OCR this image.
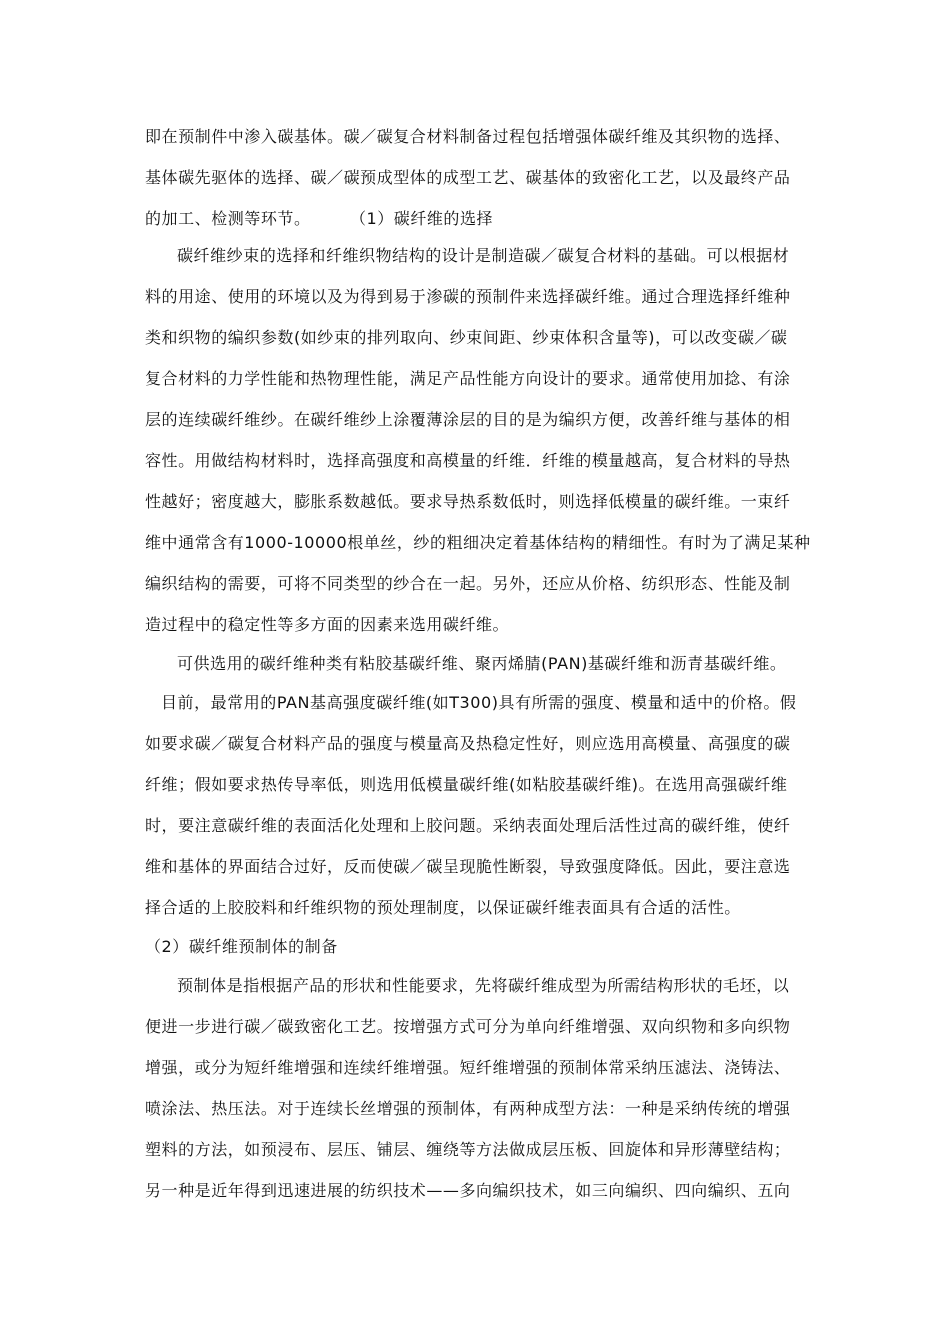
即在预制件中渗入碳基体。碳／碳复合材料制备过程包括增强体碳纤维及其织物的选择、
基体碳先驱体的选择、碳／碳预成型体的成型工艺、碳基体的致密化工艺，以及最终产品
的加工、检测等环节。       （1）碳纤维的选择
碳纤维纱束的选择和纤维织物结构的设计是制造碳／碳复合材料的基础。可以根据材
料的用途、使用的环境以及为得到易于渗碳的预制件来选择碳纤维。通过合理选择纤维种
类和织物的编织参数(如纱束的排列取向、纱束间距、纱束体积含量等)，可以改变碳／碳
复合材料的力学性能和热物理性能，满足产品性能方向设计的要求。通常使用加捻、有涂
层的连续碳纤维纱。在碳纤维纱上涂覆薄涂层的目的是为编织方便，改善纤维与基体的相
容性。用做结构材料时，选择高强度和高模量的纤维．纤维的模量越高，复合材料的导热
性越好；密度越大，膨胀系数越低。要求导热系数低时，则选择低模量的碳纤维。一束纤
维中通常含有1000-10000根单丝，纱的粗细决定着基体结构的精细性。有时为了满足某种
编织结构的需要，可将不同类型的纱合在一起。另外，还应从价格、纺织形态、性能及制
造过程中的稳定性等多方面的因素来选用碳纤维。
可供选用的碳纤维种类有粘胶基碳纤维、聚丙烯腈(PAN)基碳纤维和沥青基碳纤维。
目前，最常用的PAN基高强度碳纤维(如T300)具有所需的强度、模量和适中的价格。假
如要求碳／碳复合材料产品的强度与模量高及热稳定性好，则应选用高模量、高强度的碳
纤维；假如要求热传导率低，则选用低模量碳纤维(如粘胶基碳纤维)。在选用高强碳纤维
时，要注意碳纤维的表面活化处理和上胶问题。采纳表面处理后活性过高的碳纤维，使纤
维和基体的界面结合过好，反而使碳／碳呈现脆性断裂，导致强度降低。因此，要注意选
择合适的上胶胶料和纤维织物的预处理制度，以保证碳纤维表面具有合适的活性。
（2）碳纤维预制体的制备
预制体是指根据产品的形状和性能要求，先将碳纤维成型为所需结构形状的毛坯，以
便进一步进行碳／碳致密化工艺。按增强方式可分为单向纤维增强、双向织物和多向织物
增强，或分为短纤维增强和连续纤维增强。短纤维增强的预制体常采纳压滤法、浇铸法、
喷涂法、热压法。对于连续长丝增强的预制体，有两种成型方法：一种是采纳传统的增强
塑料的方法，如预浸布、层压、铺层、缠绕等方法做成层压板、回旋体和异形薄壁结构；
另一种是近年得到迅速进展的纺织技术——多向编织技术，如三向编织、四向编织、五向
